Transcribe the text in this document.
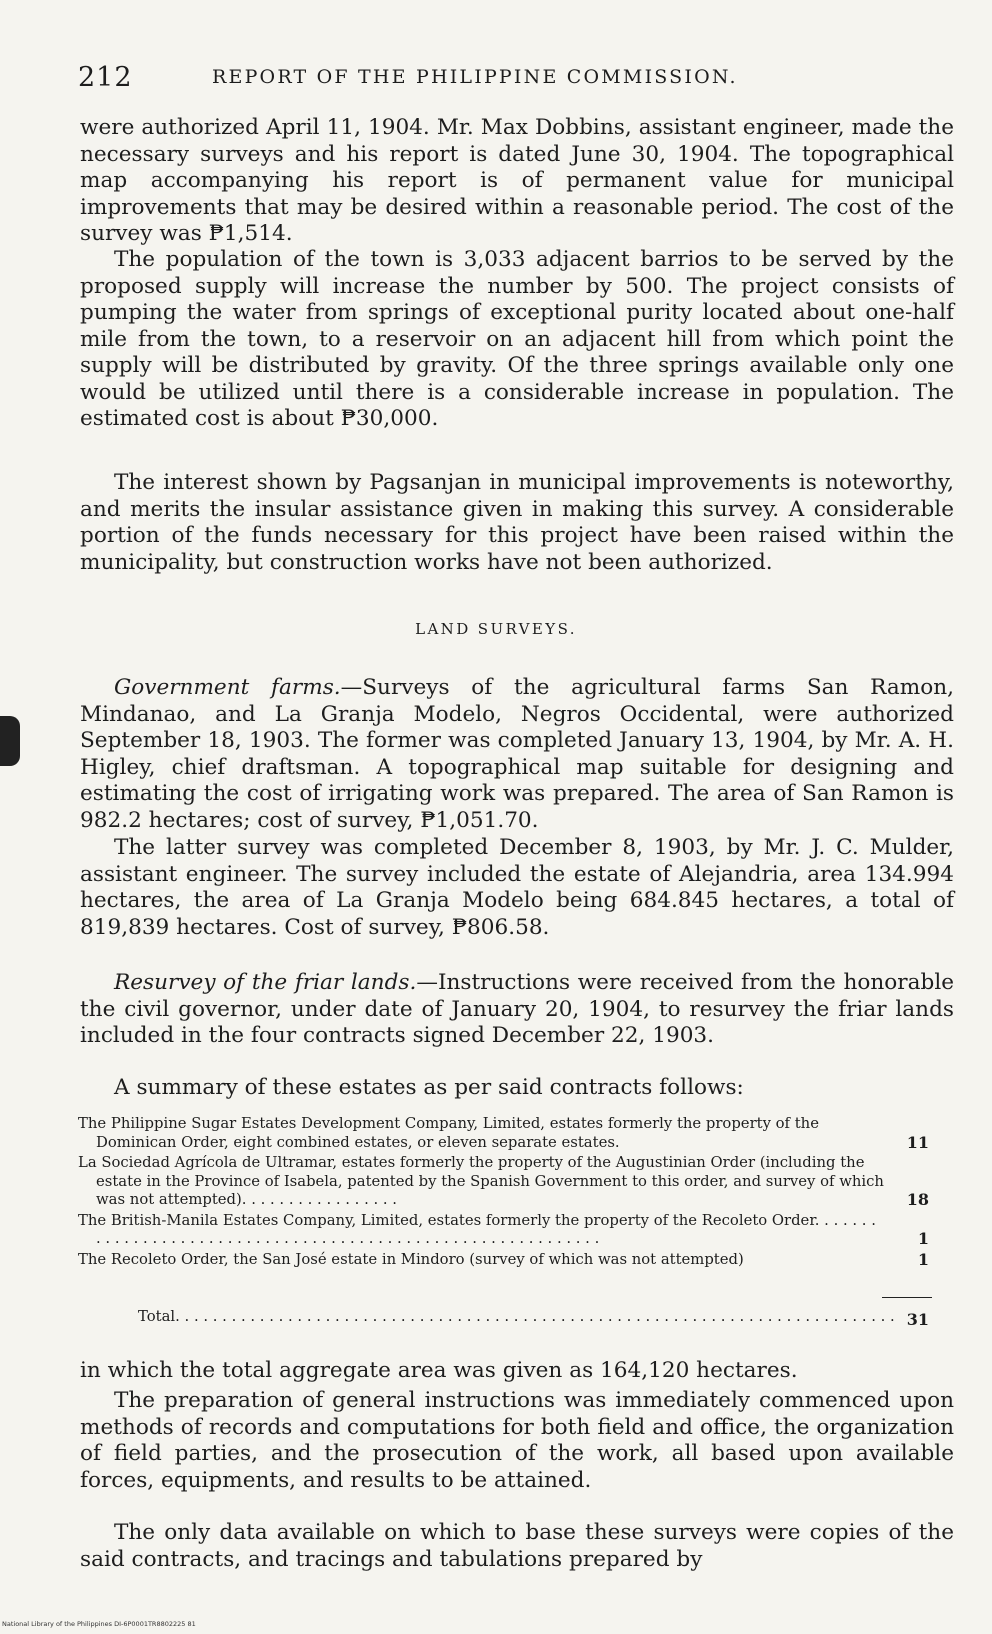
212	REPORT OF THE PHILIPPINE COMMISSION.

were authorized April 11, 1904. Mr. Max Dobbins, assistant engineer, made the necessary surveys and his report is dated June 30, 1904. The topographical map accompanying his report is of permanent value for municipal improvements that may be desired within a reasonable period. The cost of the survey was ₱1,514.

The population of the town is 3,033 adjacent barrios to be served by the proposed supply will increase the number by 500. The project consists of pumping the water from springs of exceptional purity located about one-half mile from the town, to a reservoir on an adjacent hill from which point the supply will be distributed by gravity. Of the three springs available only one would be utilized until there is a considerable increase in population. The estimated cost is about ₱30,000.

The interest shown by Pagsanjan in municipal improvements is noteworthy, and merits the insular assistance given in making this survey. A considerable portion of the funds necessary for this project have been raised within the municipality, but construction works have not been authorized.

LAND SURVEYS.

Government farms.—Surveys of the agricultural farms San Ramon, Mindanao, and La Granja Modelo, Negros Occidental, were authorized September 18, 1903. The former was completed January 13, 1904, by Mr. A. H. Higley, chief draftsman. A topographical map suitable for designing and estimating the cost of irrigating work was prepared. The area of San Ramon is 982.2 hectares; cost of survey, ₱1,051.70.

The latter survey was completed December 8, 1903, by Mr. J. C. Mulder, assistant engineer. The survey included the estate of Alejandria, area 134.994 hectares, the area of La Granja Modelo being 684.845 hectares, a total of 819,839 hectares. Cost of survey, ₱806.58.

Resurvey of the friar lands.—Instructions were received from the honorable the civil governor, under date of January 20, 1904, to resurvey the friar lands included in the four contracts signed December 22, 1903.

A summary of these estates as per said contracts follows:

The Philippine Sugar Estates Development Company, Limited, estates formerly the property of the Dominican Order, eight combined estates, or eleven separate estates.	11
La Sociedad Agrícola de Ultramar, estates formerly the property of the Augustinian Order (including the estate in the Province of Isabela, patented by the Spanish Government to this order, and survey of which was not attempted). . . . . . . . . . . . . . . . .	18
The British-Manila Estates Company, Limited, estates formerly the property of the Recoleto Order. . . . . . . . . . . . . . . . . . . . . . . . . . . . . . . . . . . . . . . . . . . . . . . . . . . . . . . . . . . . .	1
The Recoleto Order, the San José estate in Mindoro (survey of which was not attempted)	1
Total. . . . . . . . . . . . . . . . . . . . . . . . . . . . . . . . . . . . . . . . . . . . . . . . . . . . . . . . . . . . . . . . . . . . . . . . . . . . . 31

in which the total aggregate area was given as 164,120 hectares.

The preparation of general instructions was immediately commenced upon methods of records and computations for both field and office, the organization of field parties, and the prosecution of the work, all based upon available forces, equipments, and results to be attained.

The only data available on which to base these surveys were copies of the said contracts, and tracings and tabulations prepared by

National Library of the Philippines DI-6P0001TR8802225 81
